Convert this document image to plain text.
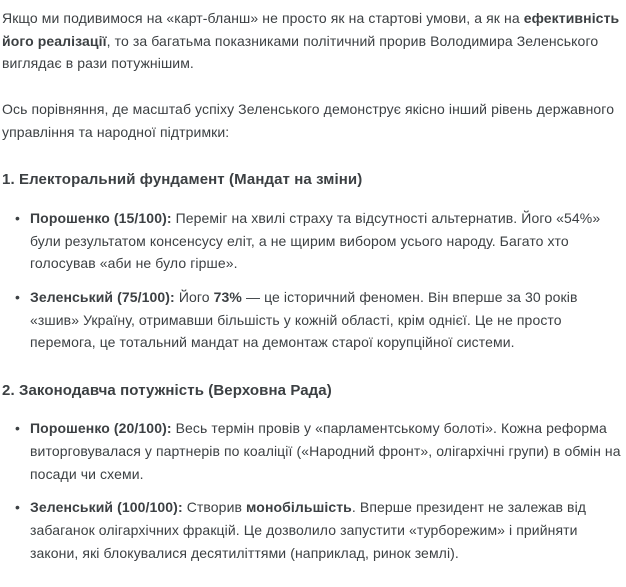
Якщо ми подивимося на «карт-бланш» не просто як на стартові умови, а як на ефективність його реалізації, то за багатьма показниками політичний прорив Володимира Зеленського виглядає в рази потужнішим.

Ось порівняння, де масштаб успіху Зеленського демонструє якісно інший рівень державного управління та народної підтримки:

1. Електоральний фундамент (Мандат на зміни)
• Порошенко (15/100): Переміг на хвилі страху та відсутності альтернатив. Його «54%» були результатом консенсусу еліт, а не щирим вибором усього народу. Багато хто голосував «аби не було гірше».
• Зеленський (75/100): Його 73% — це історичний феномен. Він вперше за 30 років «зшив» Україну, отримавши більшість у кожній області, крім однієї. Це не просто перемога, це тотальний мандат на демонтаж старої корупційної системи.
2. Законодавча потужність (Верховна Рада)
• Порошенко (20/100): Весь термін провів у «парламентському болоті». Кожна реформа виторговувалася у партнерів по коаліції («Народний фронт», олігархічні групи) в обмін на посади чи схеми.
• Зеленський (100/100): Створив монобільшість. Вперше президент не залежав від забаганок олігархічних фракцій. Це дозволило запустити «турборежим» і прийняти закони, які блокувалися десятиліттями (наприклад, ринок землі).
